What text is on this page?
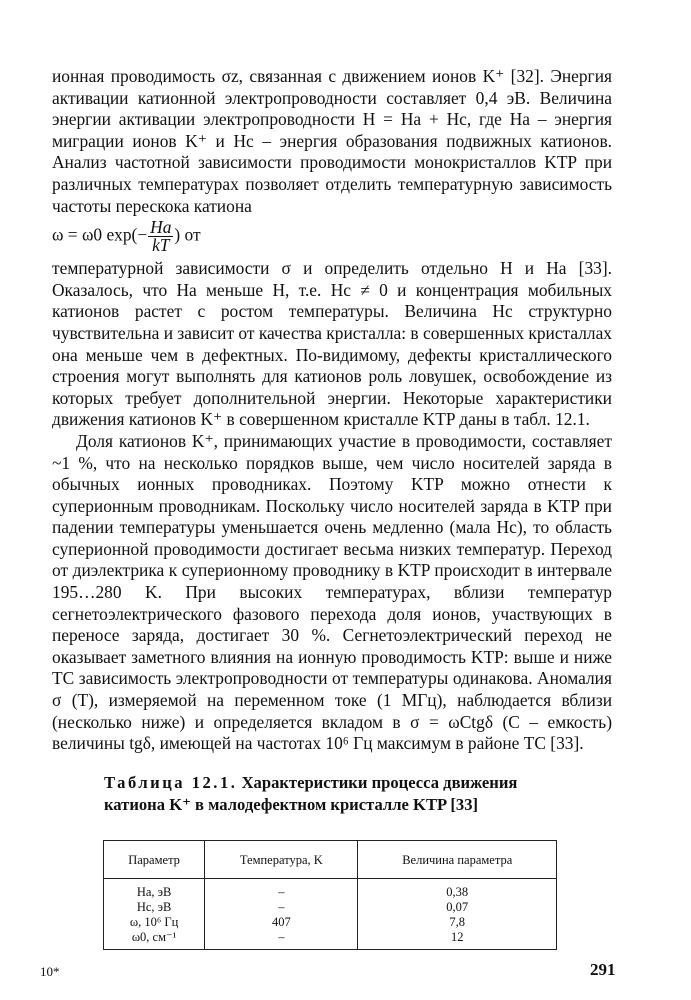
ионная проводимость σz, связанная с движением ионов K⁺ [32]. Энергия активации катионной электропроводности составляет 0,4 эВ. Величина энергии активации электропроводности H = Ha + Hc, где Ha – энергия миграции ионов K⁺ и Hc – энергия образования подвижных катионов. Анализ частотной зависимости проводимости монокристаллов KTP при различных температурах позволяет отделить температурную зависимость частоты перескока катиона

ω = ω0 $\exp(- \frac{Ha}{kT}$ ) от

температурной зависимости σ и определить отдельно H и Ha [33]. Оказалось, что Ha меньше H, т.е. Hc ≠ 0 и концентрация мобильных катионов растет с ростом температуры. Величина Hc структурно чувствительна и зависит от качества кристалла: в совершенных кристаллах она меньше чем в дефектных. По-видимому, дефекты кристаллического строения могут выполнять для катионов роль ловушек, освобождение из которых требует дополнительной энергии. Некоторые характеристики движения катионов K⁺ в совершенном кристалле KTP даны в табл. 12.1.

Доля катионов K⁺, принимающих участие в проводимости, составляет ~1 %, что на несколько порядков выше, чем число носителей заряда в обычных ионных проводниках. Поэтому KTP можно отнести к суперионным проводникам. Поскольку число носителей заряда в KTP при падении температуры уменьшается очень медленно (мала Hc), то область суперионной проводимости достигает весьма низких температур. Переход от диэлектрика к суперионному проводнику в KTP происходит в интервале 195…280 K. При высоких температурах, вблизи температур сегнетоэлектрического фазового перехода доля ионов, участвующих в переносе заряда, достигает 30 %. Сегнетоэлектрический переход не оказывает заметного влияния на ионную проводимость KTP: выше и ниже TC зависимость электропроводности от температуры одинакова. Аномалия σ (T), измеряемой на переменном токе (1 МГц), наблюдается вблизи (несколько ниже) и определяется вкладом в σ = ωCtgδ (C – емкость) величины tgδ, имеющей на частотах 10⁶ Гц максимум в районе TC [33].

Таблица 12.1. Характеристики процесса движения катиона K⁺ в малодефектном кристалле KTP [33]
Параметр	Температура, K	Величина параметра
Ha, эВ	–	0,38
Hc, эВ	–	0,07
ω, 10⁶ Гц	407	7,8
ω0, см⁻¹	–	12
10*	291
